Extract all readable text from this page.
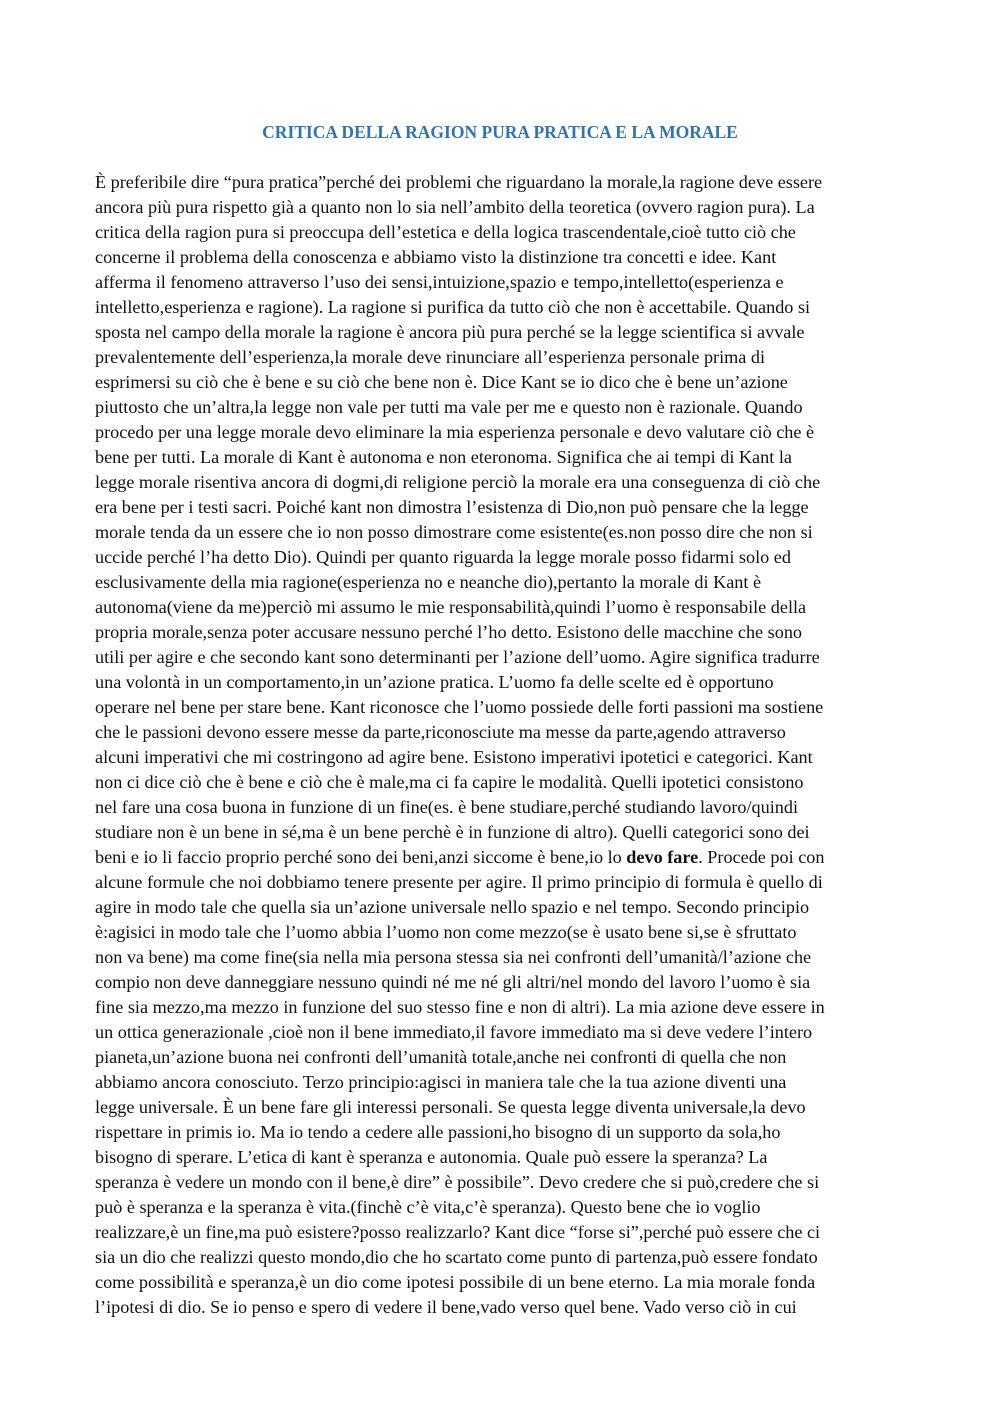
CRITICA DELLA RAGION PURA PRATICA E LA MORALE
È preferibile dire “pura pratica”perché dei problemi che riguardano la morale,la ragione deve essere
ancora più pura rispetto già a quanto non lo sia nell’ambito della teoretica (ovvero ragion pura). La
critica della ragion pura si preoccupa dell’estetica e della logica trascendentale,cioè tutto ciò che
concerne il problema della conoscenza e abbiamo visto la distinzione tra concetti e idee. Kant
afferma il fenomeno attraverso l’uso dei sensi,intuizione,spazio e tempo,intelletto(esperienza e
intelletto,esperienza e ragione). La ragione si purifica da tutto ciò che non è accettabile. Quando si
sposta nel campo della morale la ragione è ancora più pura perché se la legge scientifica si avvale
prevalentemente dell’esperienza,la morale deve rinunciare all’esperienza personale prima di
esprimersi su ciò che è bene e su ciò che bene non è. Dice Kant se io dico che è bene un’azione
piuttosto che un’altra,la legge non vale per tutti ma vale per me e questo non è razionale. Quando
procedo per una legge morale devo eliminare la mia esperienza personale e devo valutare ciò che è
bene per tutti. La morale di Kant è autonoma e non eteronoma. Significa che ai tempi di Kant la
legge morale risentiva ancora di dogmi,di religione perciò la morale era una conseguenza di ciò che
era bene per i testi sacri. Poiché kant non dimostra l’esistenza di Dio,non può pensare che la legge
morale tenda da un essere che io non posso dimostrare come esistente(es.non posso dire che non si
uccide perché l’ha detto Dio). Quindi per quanto riguarda la legge morale posso fidarmi solo ed
esclusivamente della mia ragione(esperienza no e neanche dio),pertanto la morale di Kant è
autonoma(viene da me)perciò mi assumo le mie responsabilità,quindi l’uomo è responsabile della
propria morale,senza poter accusare nessuno perché l’ho detto. Esistono delle macchine che sono
utili per agire e che secondo kant sono determinanti per l’azione dell’uomo. Agire significa tradurre
una volontà in un comportamento,in un’azione pratica. L’uomo fa delle scelte ed è opportuno
operare nel bene per stare bene. Kant riconosce che l’uomo possiede delle forti passioni ma sostiene
che le passioni devono essere messe da parte,riconosciute ma messe da parte,agendo attraverso
alcuni imperativi che mi costringono ad agire bene. Esistono imperativi ipotetici e categorici. Kant
non ci dice ciò che è bene e ciò che è male,ma ci fa capire le modalità. Quelli ipotetici consistono
nel fare una cosa buona in funzione di un fine(es. è bene studiare,perché studiando lavoro/quindi
studiare non è un bene in sé,ma è un bene perchè è in funzione di altro). Quelli categorici sono dei
beni e io li faccio proprio perché sono dei beni,anzi siccome è bene,io lo devo fare. Procede poi con
alcune formule che noi dobbiamo tenere presente per agire. Il primo principio di formula è quello di
agire in modo tale che quella sia un’azione universale nello spazio e nel tempo. Secondo principio
è:agisici in modo tale che l’uomo abbia l’uomo non come mezzo(se è usato bene si,se è sfruttato
non va bene) ma come fine(sia nella mia persona stessa sia nei confronti dell’umanità/l’azione che
compio non deve danneggiare nessuno quindi né me né gli altri/nel mondo del lavoro l’uomo è sia
fine sia mezzo,ma mezzo in funzione del suo stesso fine e non di altri). La mia azione deve essere in
un ottica generazionale ,cioè non il bene immediato,il favore immediato ma si deve vedere l’intero
pianeta,un’azione buona nei confronti dell’umanità totale,anche nei confronti di quella che non
abbiamo ancora conosciuto. Terzo principio:agisci in maniera tale che la tua azione diventi una
legge universale. È un bene fare gli interessi personali. Se questa legge diventa universale,la devo
rispettare in primis io. Ma io tendo a cedere alle passioni,ho bisogno di un supporto da sola,ho
bisogno di sperare. L’etica di kant è speranza e autonomia. Quale può essere la speranza? La
speranza è vedere un mondo con il bene,è dire” è possibile”. Devo credere che si può,credere che si
può è speranza e la speranza è vita.(finchè c’è vita,c’è speranza). Questo bene che io voglio
realizzare,è un fine,ma può esistere?posso realizzarlo? Kant dice “forse si”,perché può essere che ci
sia un dio che realizzi questo mondo,dio che ho scartato come punto di partenza,può essere fondato
come possibilità e speranza,è un dio come ipotesi possibile di un bene eterno. La mia morale fonda
l’ipotesi di dio. Se io penso e spero di vedere il bene,vado verso quel bene. Vado verso ciò in cui
